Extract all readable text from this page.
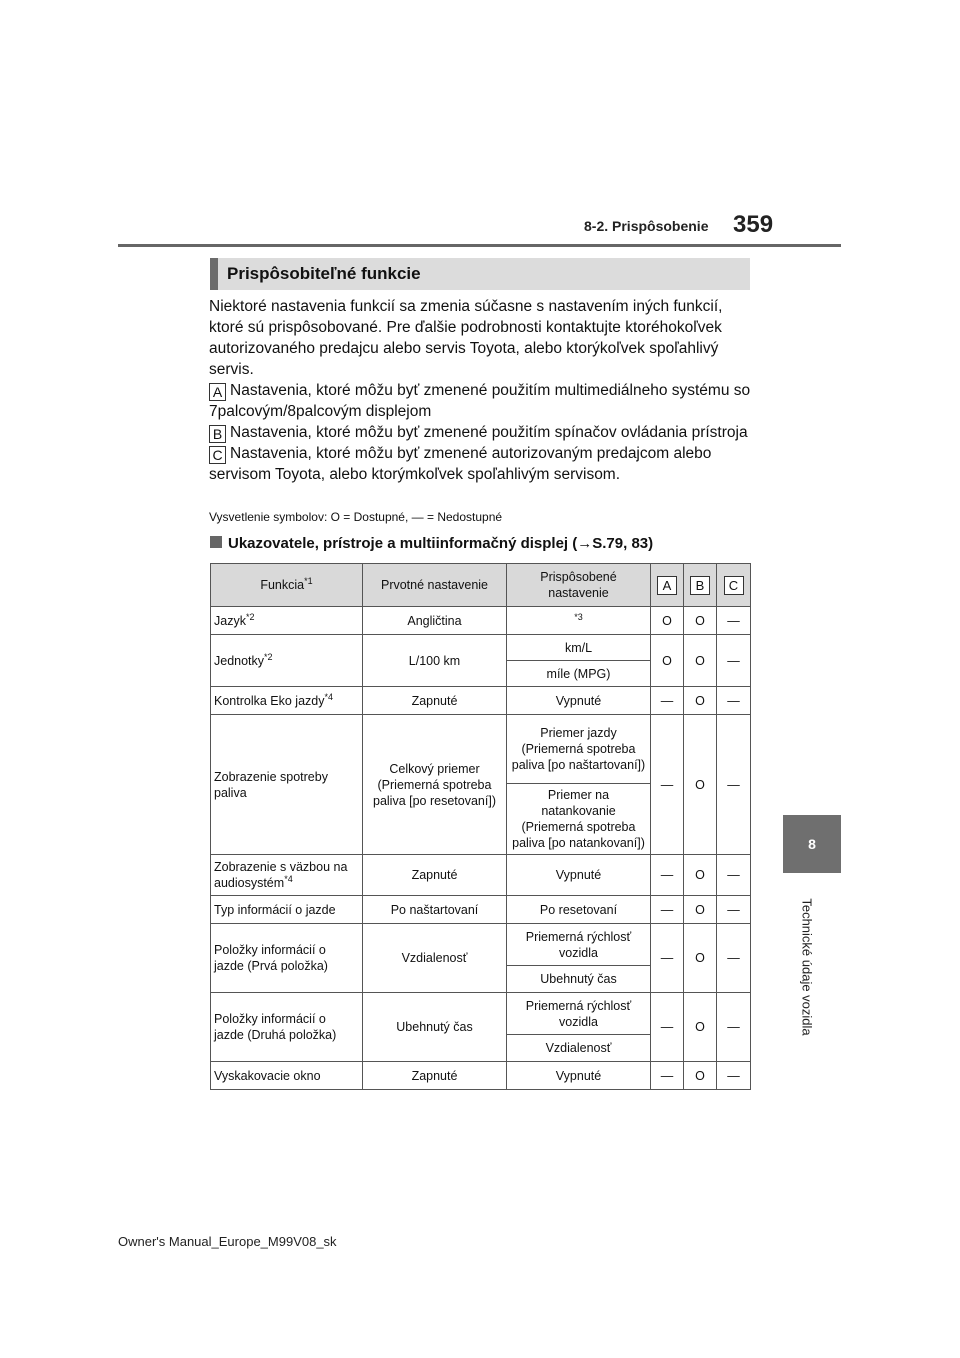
8-2. Prispôsobenie 359
8
Technické údaje vozidla
Prispôsobiteľné funkcie

Niektoré nastavenia funkcií sa zmenia súčasne s nastavením iných funkcií, ktoré sú prispôsobované. Pre ďalšie podrobnosti kontaktujte ktoréhokoľvek autorizovaného predajcu alebo servis Toyota, alebo ktorýkoľvek spoľahlivý servis.

A Nastavenia, ktoré môžu byť zmenené použitím multimediálneho systému so 7palcovým/8palcovým displejom

B Nastavenia, ktoré môžu byť zmenené použitím spínačov ovládania prístroja

C Nastavenia, ktoré môžu byť zmenené autorizovaným predajcom alebo servisom Toyota, alebo ktorýmkoľvek spoľahlivým servisom.

Vysvetlenie symbolov: O = Dostupné, — = Nedostupné
Ukazovatele, prístroje a multiinformačný displej (→S.79, 83)
Funkcia$^{*1}$	Prvotné nastavenie	Prispôsobené nastavenie	A	B	C
Jazyk$^{*2}$	Angličtina	$^{*3}$	O	O	—
Jednotky$^{*2}$	L/100 km	km/L	O	O	—
		míle (MPG)			
Kontrolka Eko jazdy$^{*4}$	Zapnuté	Vypnuté	—	O	—
Zobrazenie spotreby paliva	Celkový priemer (Priemerná spotreba paliva [po resetovaní])	Priemer jazdy (Priemerná spotreba paliva [po naštartovaní])	—	O	—
		Priemer na natankovanie (Priemerná spotreba paliva [po natankovaní])			
Zobrazenie s väzbou na audiosystém$^{*4}$	Zapnuté	Vypnuté	—	O	—
Typ informácií o jazde	Po naštartovaní	Po resetovaní	—	O	—
Položky informácií o jazde (Prvá položka)	Vzdialenosť	Priemerná rýchlosť vozidla	—	O	—
		Ubehnutý čas			
Položky informácií o jazde (Druhá položka)	Ubehnutý čas	Priemerná rýchlosť vozidla	—	O	—
		Vzdialenosť			
Vyskakovacie okno	Zapnuté	Vypnuté	—	O	—
Owner's Manual_Europe_M99V08_sk
